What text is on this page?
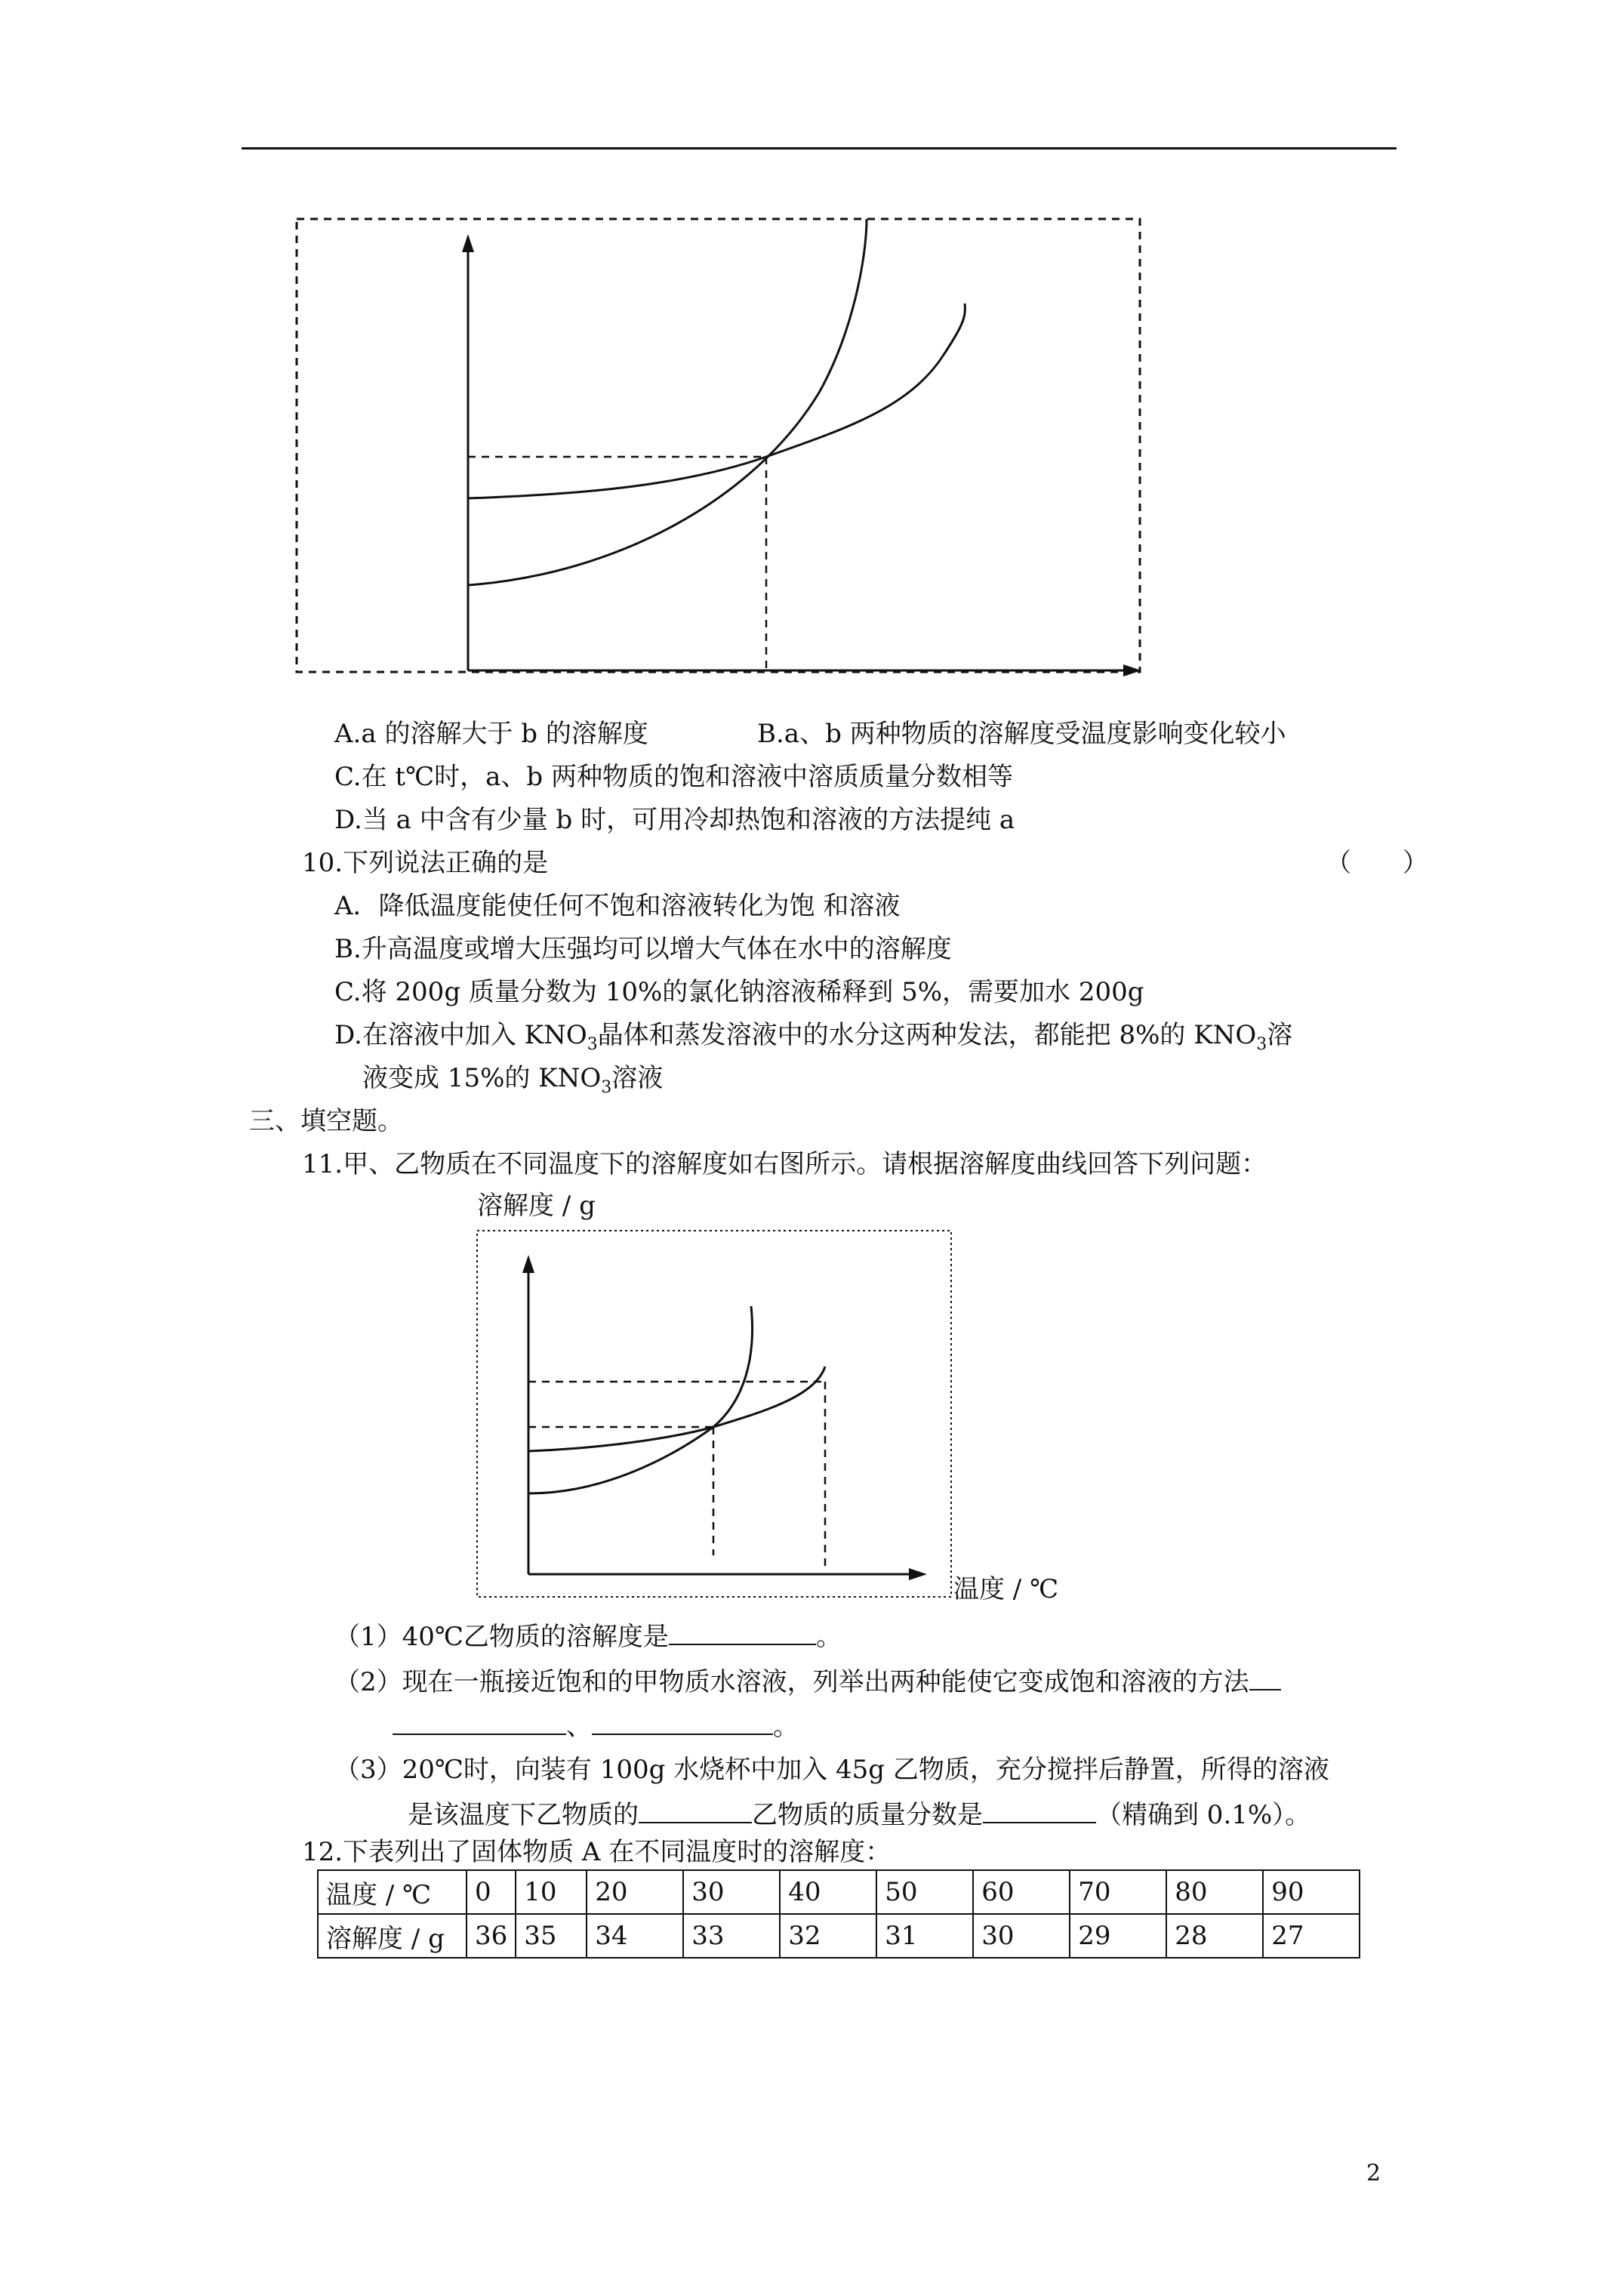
A.a 的溶解大于 b 的溶解度	B.a、b 两种物质的溶解度受温度影响变化较小
C.在 t℃时，a、b 两种物质的饱和溶液中溶质质量分数相等
D.当 a 中含有少量 b 时，可用冷却热饱和溶液的方法提纯 a
10.下列说法正确的是	（　　）
A．降低温度能使任何不饱和溶液转化为饱 和溶液
B.升高温度或增大压强均可以增大气体在水中的溶解度
C.将 200g 质量分数为 10%的氯化钠溶液稀释到 5%，需要加水 200g
D.在溶液中加入 $KNO_3$晶体和蒸发溶液中的水分这两种发法，都能把 8%的 $KNO_3$溶
液变成 15%的 $KNO_3$溶液
三、填空题。
11.甲、乙物质在不同温度下的溶解度如右图所示。请根据溶解度曲线回答下列问题：
溶解度 / g
温度 / ℃
（1）40℃乙物质的溶解度是	。
（2）现在一瓶接近饱和的甲物质水溶液，列举出两种能使它变成饱和溶液的方法
、	。
（3）20℃时，向装有 100g 水烧杯中加入 45g 乙物质，充分搅拌后静置，所得的溶液
是该温度下乙物质的	乙物质的质量分数是	（精确到 0.1%）。
12.下表列出了固体物质 A 在不同温度时的溶解度：
温度 / ℃	0	10	20	30	40	50	60	70	80	90
溶解度 / g	36	35	34	33	32	31	30	29	28	27
2
